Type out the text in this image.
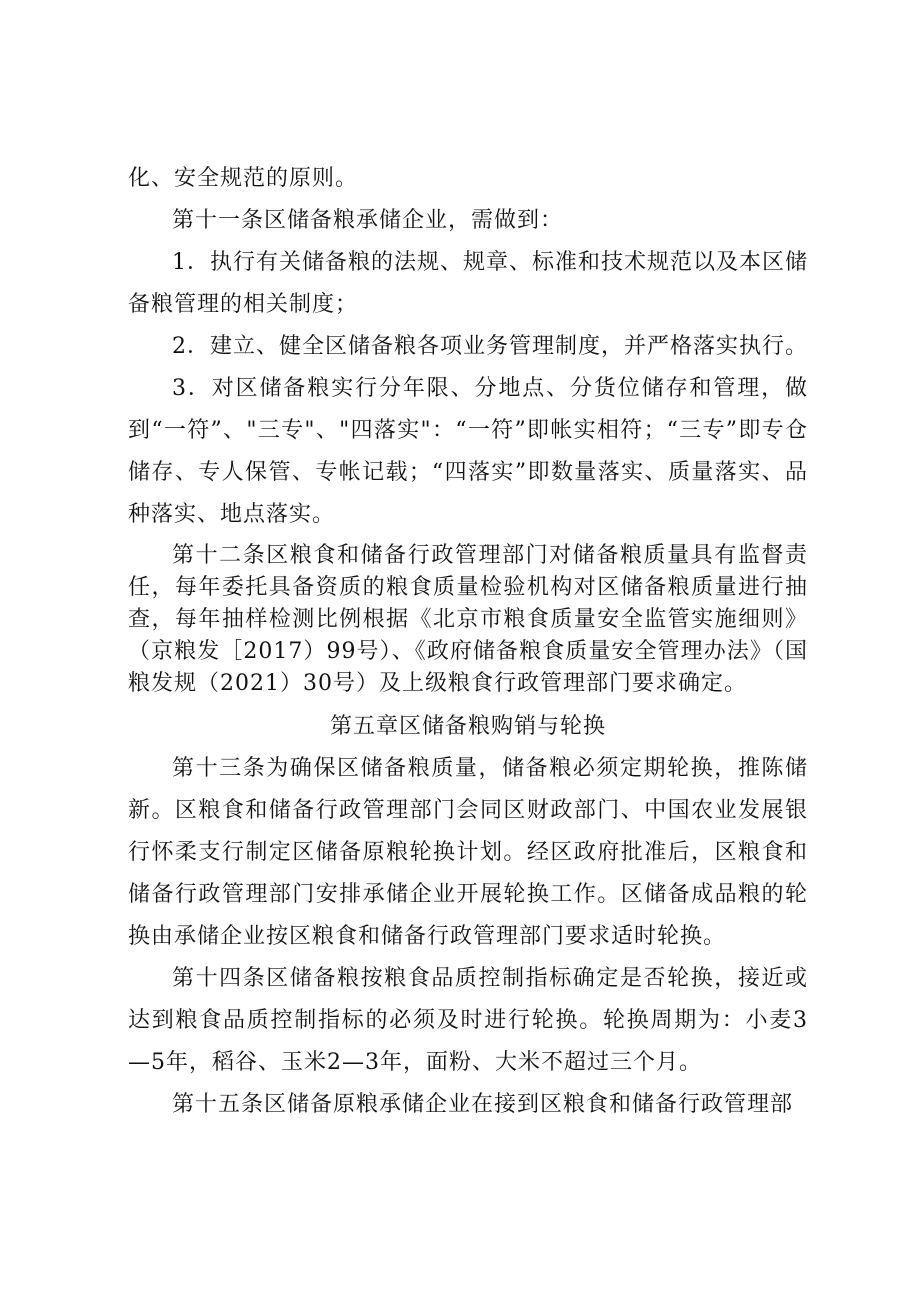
化、安全规范的原则。

第十一条区储备粮承储企业，需做到：

1．执行有关储备粮的法规、规章、标准和技术规范以及本区储备粮管理的相关制度；

2．建立、健全区储备粮各项业务管理制度，并严格落实执行。

3．对区储备粮实行分年限、分地点、分货位储存和管理，做到“一符”、"三专"、"四落实"：“一符”即帐实相符；“三专”即专仓储存、专人保管、专帐记载；“四落实”即数量落实、质量落实、品种落实、地点落实。

第十二条区粮食和储备行政管理部门对储备粮质量具有监督责任，每年委托具备资质的粮食质量检验机构对区储备粮质量进行抽查，每年抽样检测比例根据《北京市粮食质量安全监管实施细则》（京粮发［2017）99号）、《政府储备粮食质量安全管理办法》（国粮发规（2021）30号）及上级粮食行政管理部门要求确定。

第五章区储备粮购销与轮换

第十三条为确保区储备粮质量，储备粮必须定期轮换，推陈储新。区粮食和储备行政管理部门会同区财政部门、中国农业发展银行怀柔支行制定区储备原粮轮换计划。经区政府批准后，区粮食和储备行政管理部门安排承储企业开展轮换工作。区储备成品粮的轮换由承储企业按区粮食和储备行政管理部门要求适时轮换。

第十四条区储备粮按粮食品质控制指标确定是否轮换，接近或达到粮食品质控制指标的必须及时进行轮换。轮换周期为：小麦3—5年，稻谷、玉米2—3年，面粉、大米不超过三个月。

第十五条区储备原粮承储企业在接到区粮食和储备行政管理部
